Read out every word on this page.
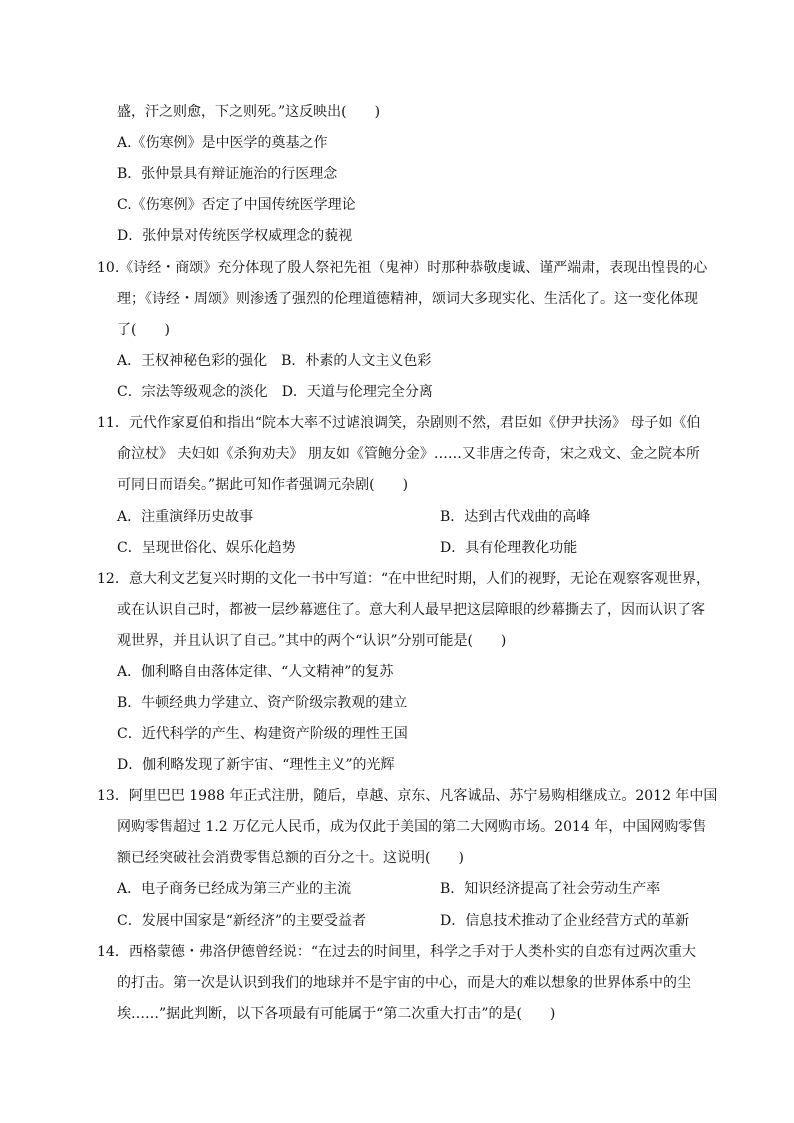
盛，汗之则愈，下之则死。”这反映出(　　)
A.《伤寒例》是中医学的奠基之作
B．张仲景具有辩证施治的行医理念
C.《伤寒例》否定了中国传统医学理论
D．张仲景对传统医学权威理念的藐视
10.《诗经・商颂》充分体现了殷人祭祀先祖（鬼神）时那种恭敬虔诚、谨严端肃，表现出惶畏的心
理；《诗经・周颂》则渗透了强烈的伦理道德精神，颂词大多现实化、生活化了。这一变化体现
了(　　)
A．王权神秘色彩的强化　B．朴素的人文主义色彩
C．宗法等级观念的淡化　D．天道与伦理完全分离
11．元代作家夏伯和指出“院本大率不过谑浪调笑，杂剧则不然，君臣如《伊尹扶汤》 母子如《伯
俞泣杖》 夫妇如《杀狗劝夫》 朋友如《管鲍分金》……又非唐之传奇，宋之戏文、金之院本所
可同日而语矣。”据此可知作者强调元杂剧(　　)
A．注重演绎历史故事	B．达到古代戏曲的高峰
C．呈现世俗化、娱乐化趋势	D．具有伦理教化功能
12．意大利文艺复兴时期的文化一书中写道：“在中世纪时期，人们的视野，无论在观察客观世界，
或在认识自己时，都被一层纱幕遮住了。意大利人最早把这层障眼的纱幕撕去了，因而认识了客
观世界，并且认识了自己。”其中的两个“认识”分别可能是(　　)
A．伽利略自由落体定律、“人文精神”的复苏
B．牛顿经典力学建立、资产阶级宗教观的建立
C．近代科学的产生、构建资产阶级的理性王国
D．伽利略发现了新宇宙、“理性主义”的光辉
13．阿里巴巴 1988 年正式注册，随后，卓越、京东、凡客诚品、苏宁易购相继成立。2012 年中国
网购零售超过 1.2 万亿元人民币，成为仅此于美国的第二大网购市场。2014 年，中国网购零售
额已经突破社会消费零售总额的百分之十。这说明(　　)
A．电子商务已经成为第三产业的主流	B．知识经济提高了社会劳动生产率
C．发展中国家是“新经济”的主要受益者	D．信息技术推动了企业经营方式的革新
14．西格蒙德・弗洛伊德曾经说：“在过去的时间里，科学之手对于人类朴实的自恋有过两次重大
的打击。第一次是认识到我们的地球并不是宇宙的中心，而是大的难以想象的世界体系中的尘
埃……”据此判断，以下各项最有可能属于“第二次重大打击”的是(　　)
